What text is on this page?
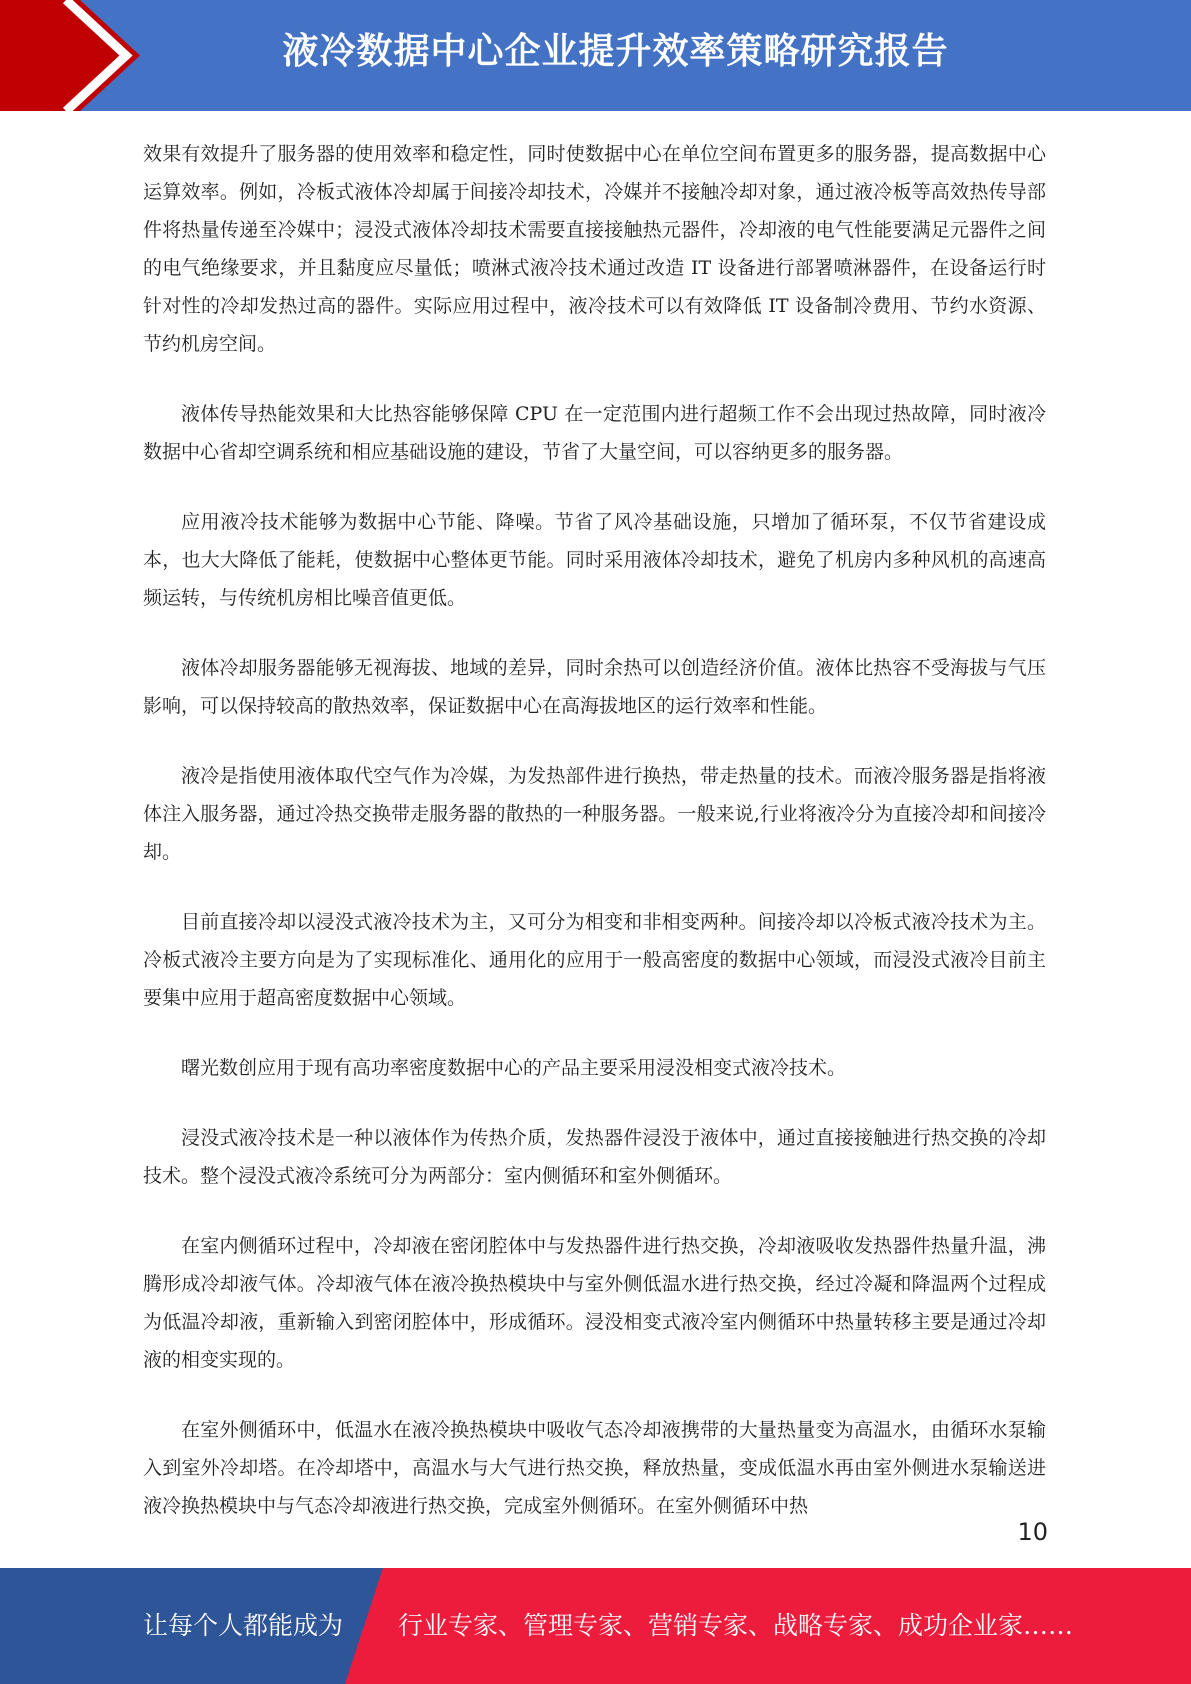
液冷数据中心企业提升效率策略研究报告

效果有效提升了服务器的使用效率和稳定性，同时使数据中心在单位空间布置更多的服务器，提高数据中心运算效率。例如，冷板式液体冷却属于间接冷却技术，冷媒并不接触冷却对象，通过液冷板等高效热传导部件将热量传递至冷媒中；浸没式液体冷却技术需要直接接触热元器件，冷却液的电气性能要满足元器件之间的电气绝缘要求，并且黏度应尽量低；喷淋式液冷技术通过改造 IT 设备进行部署喷淋器件，在设备运行时针对性的冷却发热过高的器件。实际应用过程中，液冷技术可以有效降低 IT 设备制冷费用、节约水资源、节约机房空间。

液体传导热能效果和大比热容能够保障 CPU 在一定范围内进行超频工作不会出现过热故障，同时液冷数据中心省却空调系统和相应基础设施的建设，节省了大量空间，可以容纳更多的服务器。

应用液冷技术能够为数据中心节能、降噪。节省了风冷基础设施，只增加了循环泵，不仅节省建设成本，也大大降低了能耗，使数据中心整体更节能。同时采用液体冷却技术，避免了机房内多种风机的高速高频运转，与传统机房相比噪音值更低。

液体冷却服务器能够无视海拔、地域的差异，同时余热可以创造经济价值。液体比热容不受海拔与气压影响，可以保持较高的散热效率，保证数据中心在高海拔地区的运行效率和性能。

液冷是指使用液体取代空气作为冷媒，为发热部件进行换热，带走热量的技术。而液冷服务器是指将液体注入服务器，通过冷热交换带走服务器的散热的一种服务器。一般来说,行业将液冷分为直接冷却和间接冷却。

目前直接冷却以浸没式液冷技术为主，又可分为相变和非相变两种。间接冷却以冷板式液冷技术为主。冷板式液冷主要方向是为了实现标准化、通用化的应用于一般高密度的数据中心领域，而浸没式液冷目前主要集中应用于超高密度数据中心领域。

曙光数创应用于现有高功率密度数据中心的产品主要采用浸没相变式液冷技术。

浸没式液冷技术是一种以液体作为传热介质，发热器件浸没于液体中，通过直接接触进行热交换的冷却技术。整个浸没式液冷系统可分为两部分：室内侧循环和室外侧循环。

在室内侧循环过程中，冷却液在密闭腔体中与发热器件进行热交换，冷却液吸收发热器件热量升温，沸腾形成冷却液气体。冷却液气体在液冷换热模块中与室外侧低温水进行热交换，经过冷凝和降温两个过程成为低温冷却液，重新输入到密闭腔体中，形成循环。浸没相变式液冷室内侧循环中热量转移主要是通过冷却液的相变实现的。

在室外侧循环中，低温水在液冷换热模块中吸收气态冷却液携带的大量热量变为高温水，由循环水泵输入到室外冷却塔。在冷却塔中，高温水与大气进行热交换，释放热量，变成低温水再由室外侧进水泵输送进液冷换热模块中与气态冷却液进行热交换，完成室外侧循环。在室外侧循环中热

10
让每个人都能成为 行业专家、管理专家、营销专家、战略专家、成功企业家……
